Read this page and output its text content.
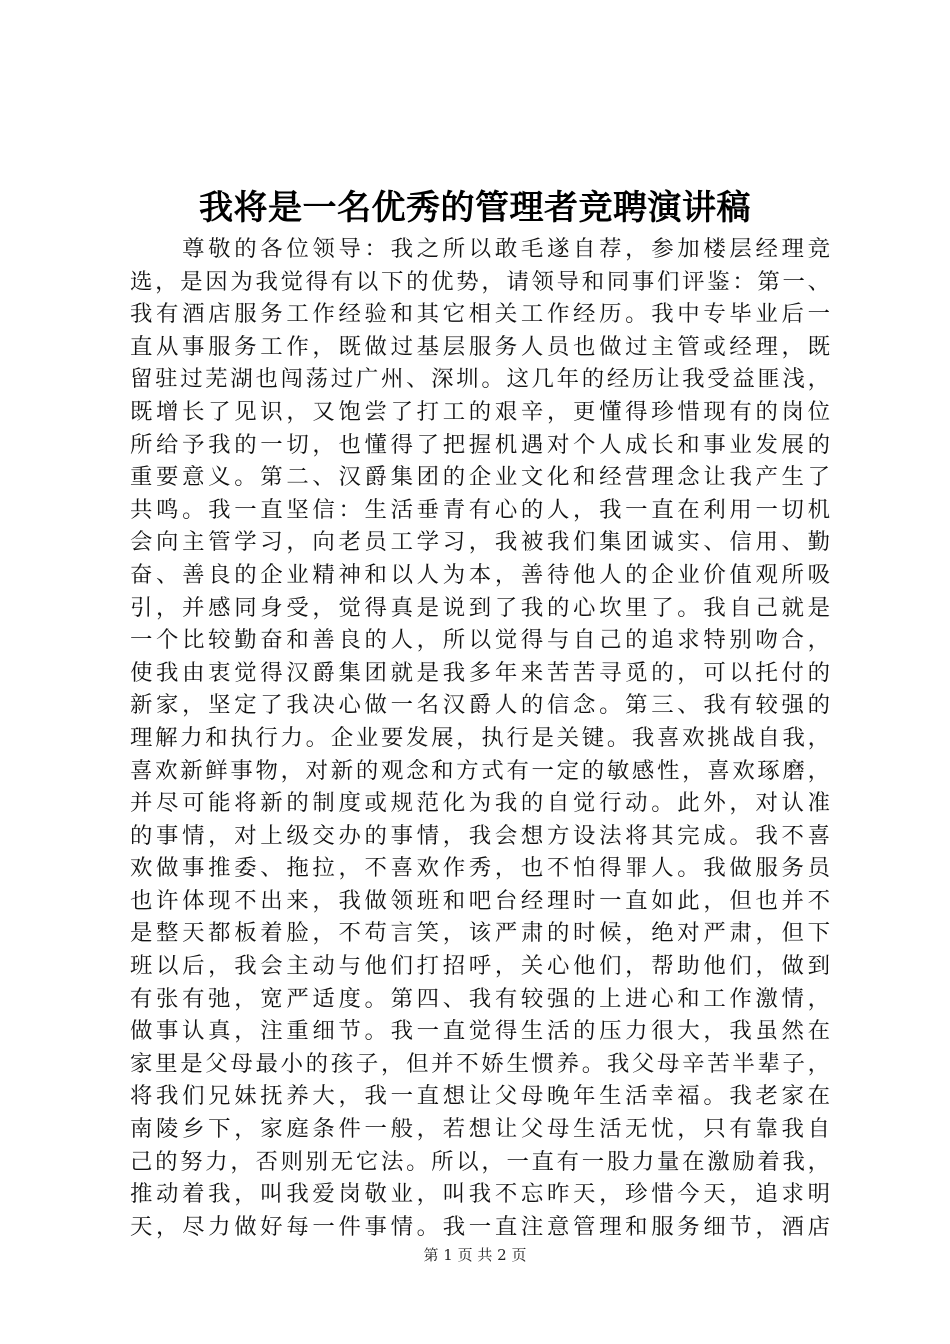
我将是一名优秀的管理者竞聘演讲稿
　　尊敬的各位领导：我之所以敢毛遂自荐，参加楼层经理竞
选，是因为我觉得有以下的优势，请领导和同事们评鉴：第一、
我有酒店服务工作经验和其它相关工作经历。我中专毕业后一
直从事服务工作，既做过基层服务人员也做过主管或经理，既
留驻过芜湖也闯荡过广州、深圳。这几年的经历让我受益匪浅，
既增长了见识，又饱尝了打工的艰辛，更懂得珍惜现有的岗位
所给予我的一切，也懂得了把握机遇对个人成长和事业发展的
重要意义。第二、汉爵集团的企业文化和经营理念让我产生了
共鸣。我一直坚信：生活垂青有心的人，我一直在利用一切机
会向主管学习，向老员工学习，我被我们集团诚实、信用、勤
奋、善良的企业精神和以人为本，善待他人的企业价值观所吸
引，并感同身受，觉得真是说到了我的心坎里了。我自己就是
一个比较勤奋和善良的人，所以觉得与自己的追求特别吻合，
使我由衷觉得汉爵集团就是我多年来苦苦寻觅的，可以托付的
新家，坚定了我决心做一名汉爵人的信念。第三、我有较强的
理解力和执行力。企业要发展，执行是关键。我喜欢挑战自我，
喜欢新鲜事物，对新的观念和方式有一定的敏感性，喜欢琢磨，
并尽可能将新的制度或规范化为我的自觉行动。此外，对认准
的事情，对上级交办的事情，我会想方设法将其完成。我不喜
欢做事推委、拖拉，不喜欢作秀，也不怕得罪人。我做服务员
也许体现不出来，我做领班和吧台经理时一直如此，但也并不
是整天都板着脸，不苟言笑，该严肃的时候，绝对严肃，但下
班以后，我会主动与他们打招呼，关心他们，帮助他们，做到
有张有弛，宽严适度。第四、我有较强的上进心和工作激情，
做事认真，注重细节。我一直觉得生活的压力很大，我虽然在
家里是父母最小的孩子，但并不娇生惯养。我父母辛苦半辈子，
将我们兄妹抚养大，我一直想让父母晚年生活幸福。我老家在
南陵乡下，家庭条件一般，若想让父母生活无忧，只有靠我自
己的努力，否则别无它法。所以，一直有一股力量在激励着我，
推动着我，叫我爱岗敬业，叫我不忘昨天，珍惜今天，追求明
天，尽力做好每一件事情。我一直注意管理和服务细节，酒店
第 1 页 共 2 页
